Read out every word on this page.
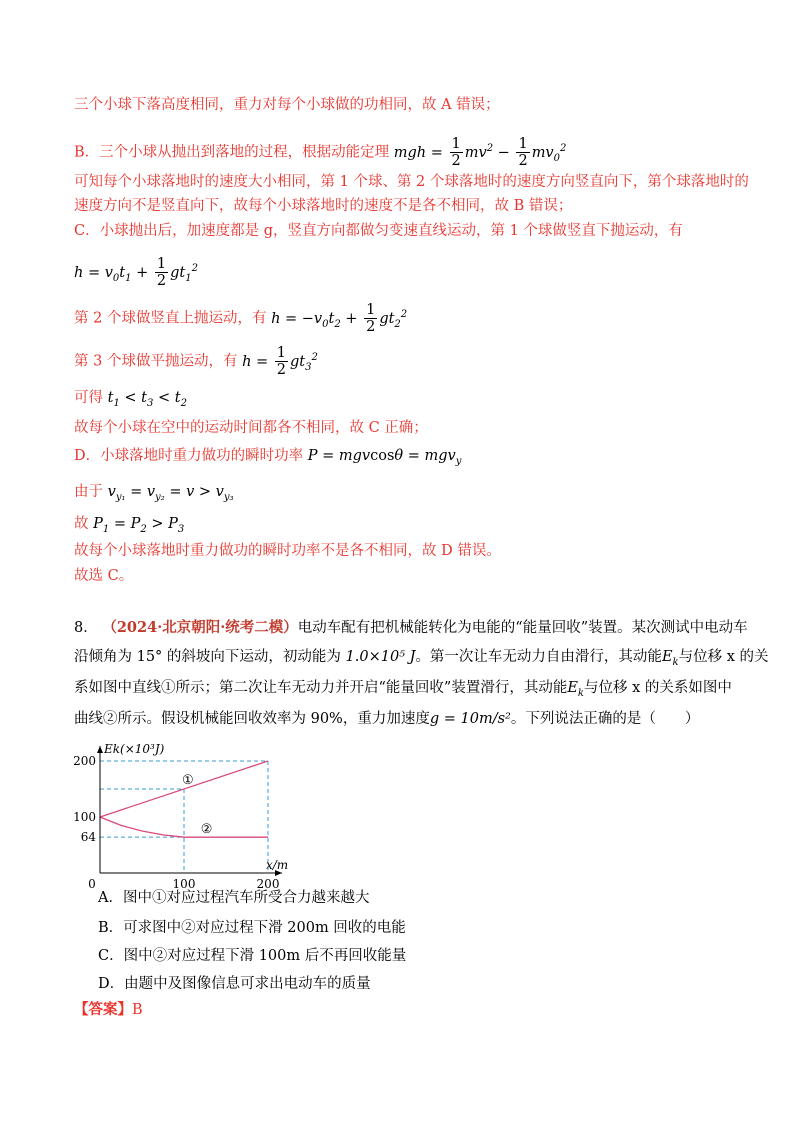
三个小球下落高度相同，重力对每个小球做的功相同，故 A 错误；
B．三个小球从抛出到落地的过程，根据动能定理 mgh = $\frac{1}{2} mv^2 - \frac{1}{2} mv_0^2$
可知每个小球落地时的速度大小相同，第 1 个球、第 2 个球落地时的速度方向竖直向下，第个球落地时的
速度方向不是竖直向下，故每个小球落地时的速度不是各不相同，故 B 错误；
C．小球抛出后，加速度都是 g，竖直方向都做匀变速直线运动，第 1 个球做竖直下抛运动，有
$h = v_0t_1 + \frac{1}{2} gt_1^2$
第 2 个球做竖直上抛运动，有 $h = -v_0t_2 + \frac{1}{2} gt_2^2$
第 3 个球做平抛运动，有 $h = \frac{1}{2} gt_3^2$
可得 $t_1 < t_3 < t_2$
故每个小球在空中的运动时间都各不相同，故 C 正确；
D．小球落地时重力做功的瞬时功率 P = mgvcosθ = mgv$_y$
由于 $v_{y_1} = v_{y_2} = v > v_{y_3}$
故 $P_1 = P_2 > P_3$
故每个小球落地时重力做功的瞬时功率不是各不相同，故 D 错误。
故选 C。
8． （2024·北京朝阳·统考二模）电动车配有把机械能转化为电能的“能量回收”装置。某次测试中电动车
沿倾角为 15° 的斜坡向下运动，初动能为 1.0×10⁵ J。第一次让车无动力自由滑行，其动能$E_k$与位移 x 的关
系如图中直线①所示；第二次让车无动力并开启“能量回收”装置滑行，其动能$E_k$与位移 x 的关系如图中
曲线②所示。假设机械能回收效率为 90%，重力加速度g = 10m/s²。下列说法正确的是（　　）
①
②
64
100
200
0	100	200
Ek(×10³J)
x/m
A．图中①对应过程汽车所受合力越来越大
B．可求图中②对应过程下滑 200m 回收的电能
C．图中②对应过程下滑 100m 后不再回收能量
D．由题中及图像信息可求出电动车的质量
【答案】B
